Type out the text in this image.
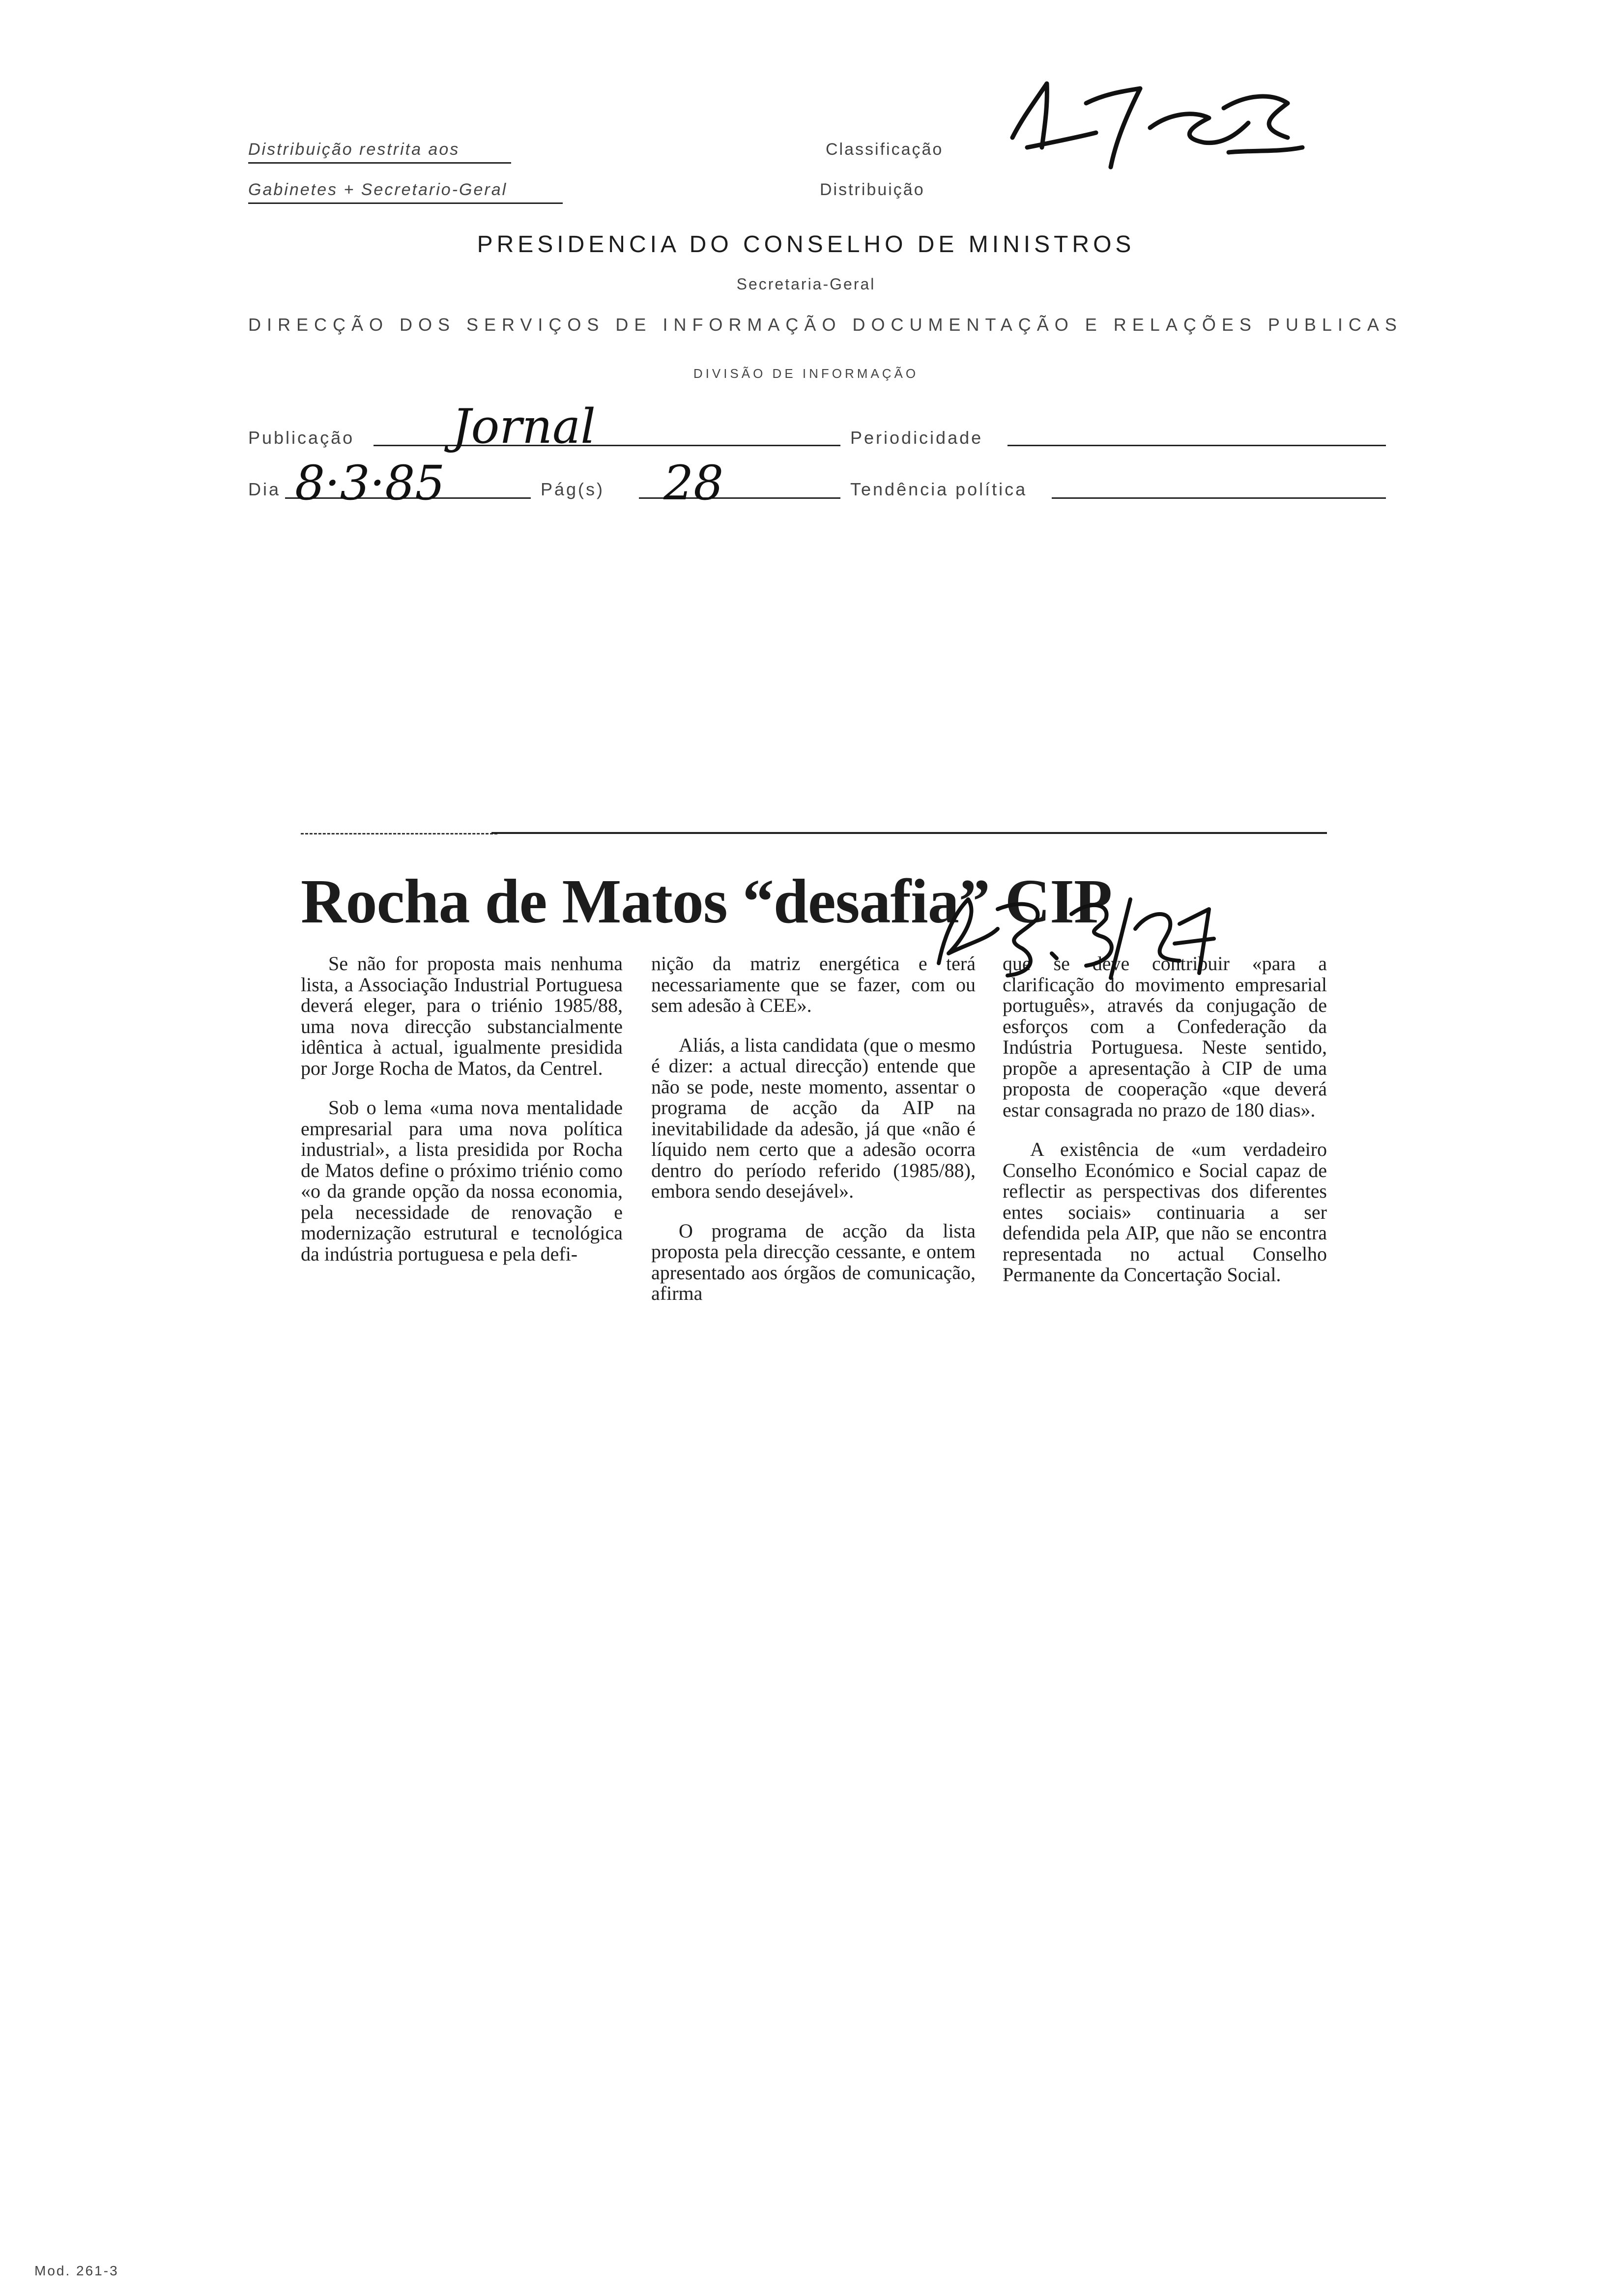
Distribuição restrita aos
Gabinetes + Secretario-Geral
Classificação
Distribuição
PRESIDENCIA DO CONSELHO DE MINISTROS
Secretaria-Geral
DIRECÇÃO DOS SERVIÇOS DE INFORMAÇÃO DOCUMENTAÇÃO E RELAÇÕES PUBLICAS
DIVISÃO DE INFORMAÇÃO
Publicação Jornal	Periodicidade
Dia 8·3·85	Pág(s) 28	Tendência política
Rocha de Matos “desafia” CIP

Se não for proposta mais nenhuma lista, a Associação Industrial Portuguesa deverá eleger, para o triénio 1985/88, uma nova direcção substancialmente idêntica à actual, igualmente presidida por Jorge Rocha de Matos, da Centrel.

Sob o lema «uma nova mentalidade empresarial para uma nova política industrial», a lista presidida por Rocha de Matos define o próximo triénio como «o da grande opção da nossa economia, pela necessidade de renovação e modernização estrutural e tecnológica da indústria portuguesa e pela defi-

nição da matriz energética e terá necessariamente que se fazer, com ou sem adesão à CEE».

Aliás, a lista candidata (que o mesmo é dizer: a actual direcção) entende que não se pode, neste momento, assentar o programa de acção da AIP na inevitabilidade da adesão, já que «não é líquido nem certo que a adesão ocorra dentro do período referido (1985/88), embora sendo desejável».

O programa de acção da lista proposta pela direcção cessante, e ontem apresentado aos órgãos de comunicação, afirma

que se deve contribuir «para a clarificação do movimento empresarial português», através da conjugação de esforços com a Confederação da Indústria Portuguesa. Neste sentido, propõe a apresentação à CIP de uma proposta de cooperação «que deverá estar consagrada no prazo de 180 dias».

A existência de «um verdadeiro Conselho Económico e Social capaz de reflectir as perspectivas dos diferentes entes sociais» continuaria a ser defendida pela AIP, que não se encontra representada no actual Conselho Permanente da Concertação Social.

Mod. 261-3
